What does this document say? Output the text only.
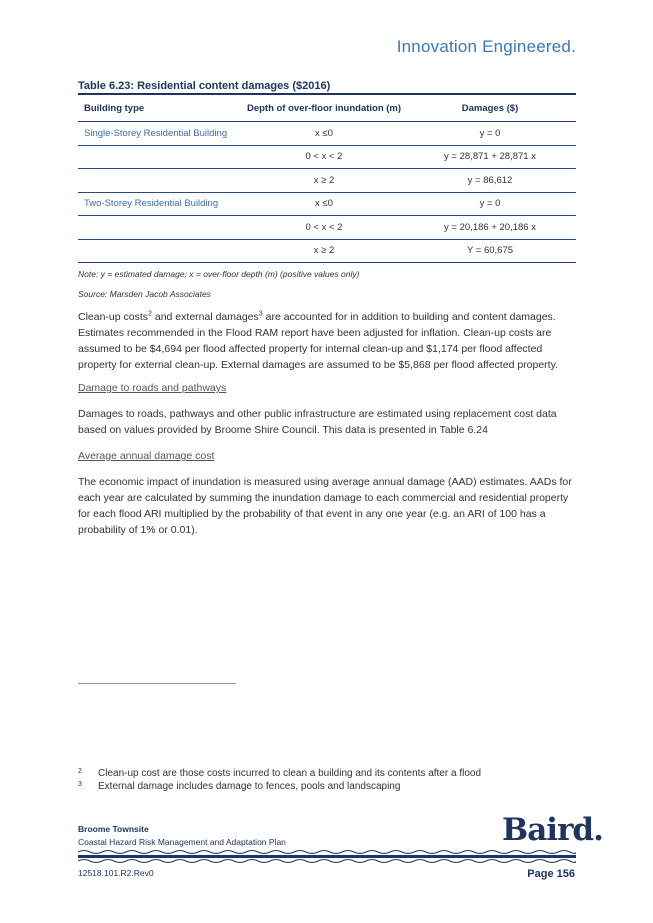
Innovation Engineered.
Table 6.23: Residential content damages ($2016)
Building type	Depth of over-floor inundation (m)	Damages ($)
Single-Storey Residential Building	x ≤0	y = 0
	0 < x < 2	y = 28,871 + 28,871 x
	x ≥ 2	y = 86,612
Two-Storey Residential Building	x ≤0	y = 0
	0 < x < 2	y = 20,186 + 20,186 x
	x ≥ 2	Y = 60,675
Note: y = estimated damage; x = over-floor depth (m) (positive values only)
Source: Marsden Jacob Associates

Clean-up costs$^2$ and external damages$^3$ are accounted for in addition to building and content damages. Estimates recommended in the Flood RAM report have been adjusted for inflation. Clean-up costs are assumed to be $4,694 per flood affected property for internal clean-up and $1,174 per flood affected property for external clean-up. External damages are assumed to be $5,868 per flood affected property.

Damage to roads and pathways

Damages to roads, pathways and other public infrastructure are estimated using replacement cost data based on values provided by Broome Shire Council. This data is presented in Table 6.24

Average annual damage cost

The economic impact of inundation is measured using average annual damage (AAD) estimates. AADs for each year are calculated by summing the inundation damage to each commercial and residential property for each flood ARI multiplied by the probability of that event in any one year (e.g. an ARI of 100 has a probability of 1% or 0.01).

2 Clean-up cost are those costs incurred to clean a building and its contents after a flood
3 External damage includes damage to fences, pools and landscaping
Broome Townsite
Coastal Hazard Risk Management and Adaptation Plan	Baird.
12518.101.R2.Rev0	Page 156
